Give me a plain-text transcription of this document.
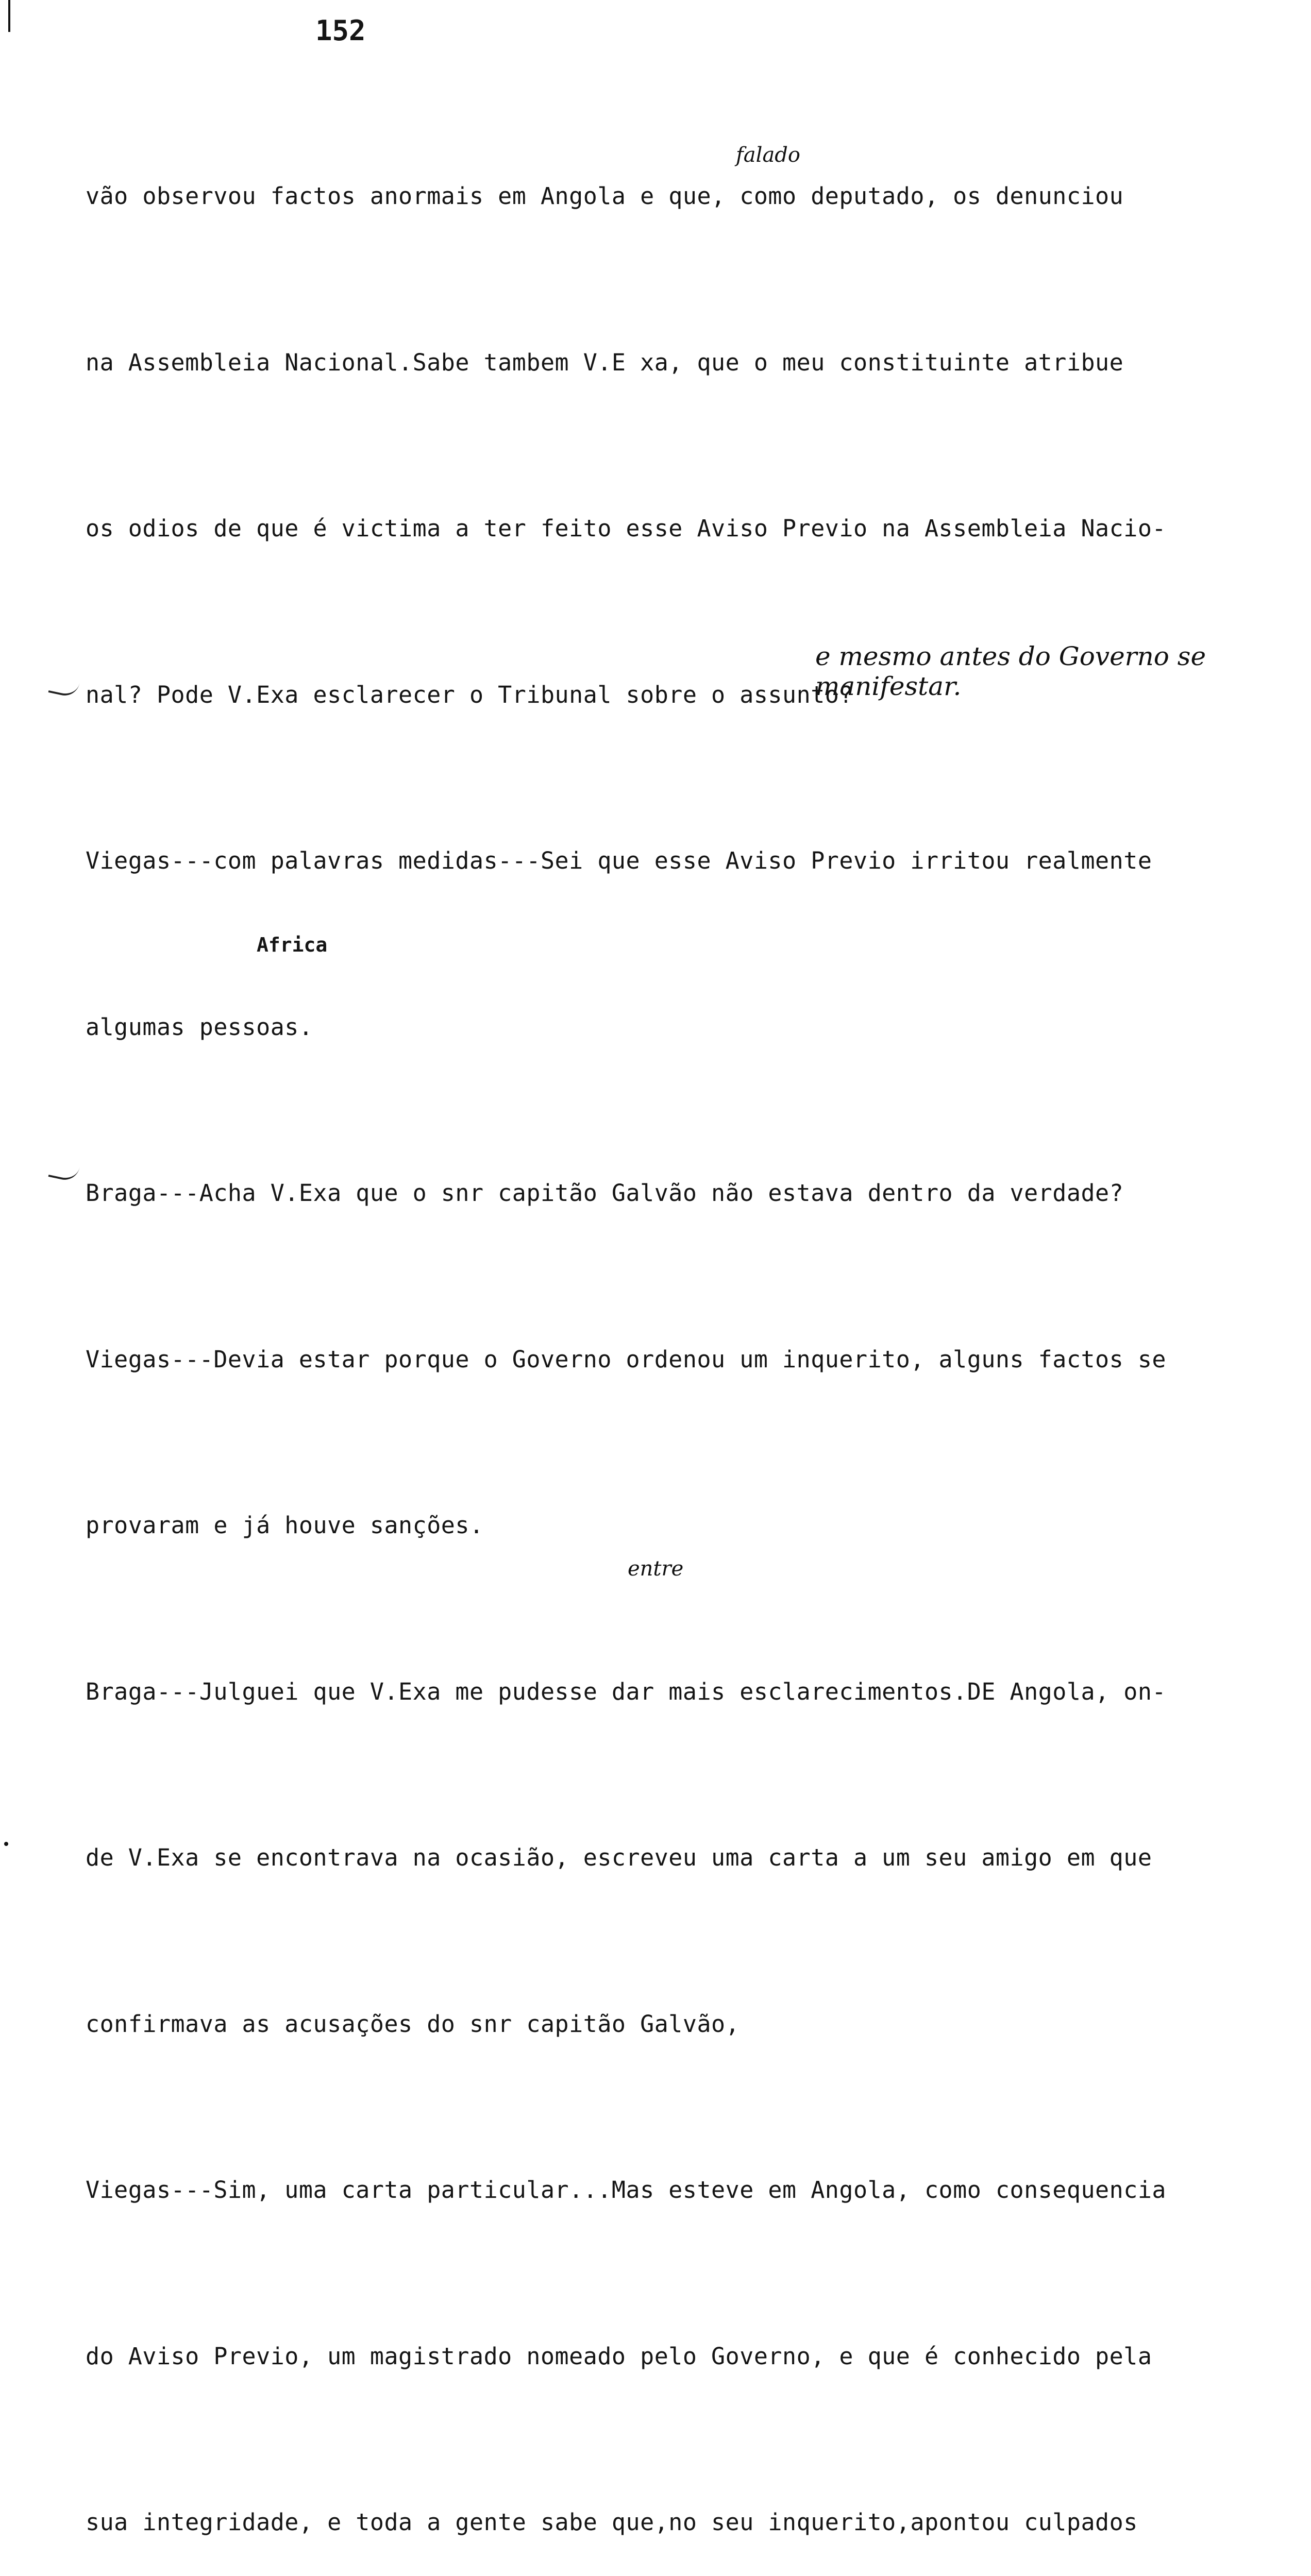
152

Africa

falado

entre

e mesmo antes do Governo se manifestar.

vão observou factos anormais em Angola e que, como deputado, os denunciou

na Assembleia Nacional.Sabe tambem V.E xa, que o meu constituinte atribue

os odios de que é victima a ter feito esse Aviso Previo na Assembleia Nacio-

nal? Pode V.Exa esclarecer o Tribunal sobre o assunto?

Viegas---com palavras medidas---Sei que esse Aviso Previo irritou realmente

algumas pessoas.

Braga---Acha V.Exa que o snr capitão Galvão não estava dentro da verdade?

Viegas---Devia estar porque o Governo ordenou um inquerito, alguns factos se

provaram e já houve sanções.

Braga---Julguei que V.Exa me pudesse dar mais esclarecimentos.DE Angola, on-

de V.Exa se encontrava na ocasião, escreveu uma carta a um seu amigo em que

confirmava as acusações do snr capitão Galvão,

Viegas---Sim, uma carta particular...Mas esteve em Angola, como consequencia

do Aviso Previo, um magistrado nomeado pelo Governo, e que é conhecido pela

sua integridade, e toda a gente sabe que,no seu inquerito,apontou culpados
